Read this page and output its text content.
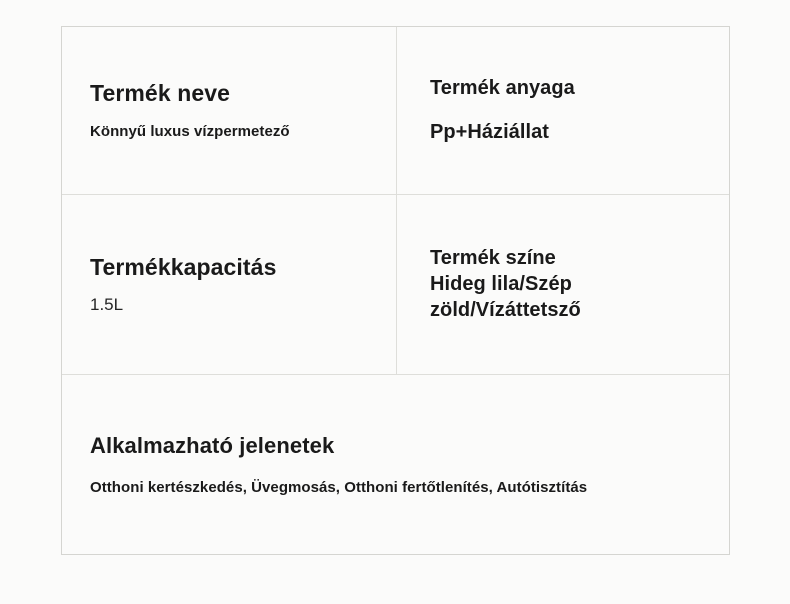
Termék neve
Könnyű luxus vízpermetező
Termék anyaga
Pp+Háziállat
Termékkapacitás
1.5L
Termék színe
Hideg lila/Szép
zöld/Vízáttetsző
Alkalmazható jelenetek
Otthoni kertészkedés, Üvegmosás, Otthoni fertőtlenítés, Autótisztítás
